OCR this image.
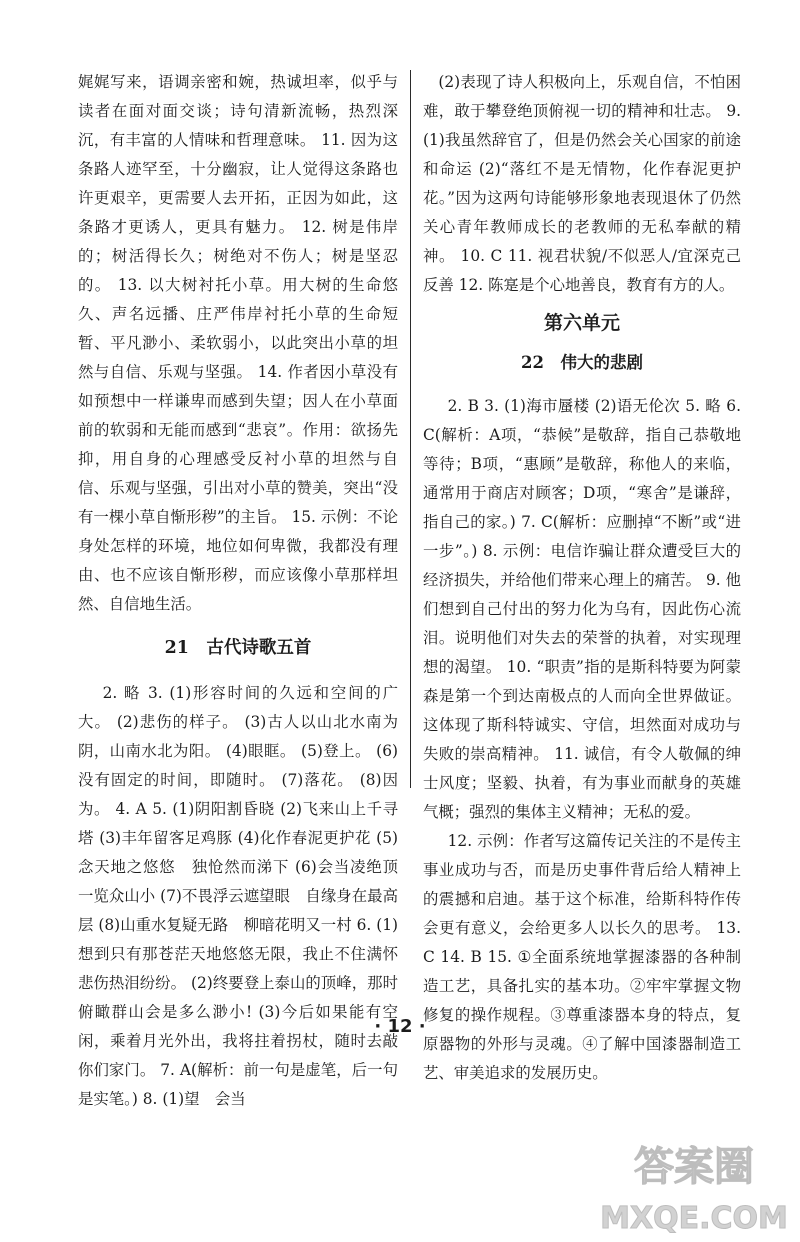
娓娓写来，语调亲密和婉，热诚坦率，似乎与读者在面对面交谈；诗句清新流畅，热烈深沉，有丰富的人情味和哲理意味。 11. 因为这条路人迹罕至，十分幽寂，让人觉得这条路也许更艰辛，更需要人去开拓，正因为如此，这条路才更诱人，更具有魅力。 12. 树是伟岸的；树活得长久；树绝对不伤人；树是坚忍的。 13. 以大树衬托小草。用大树的生命悠久、声名远播、庄严伟岸衬托小草的生命短暂、平凡渺小、柔软弱小，以此突出小草的坦然与自信、乐观与坚强。 14. 作者因小草没有如预想中一样谦卑而感到失望；因人在小草面前的软弱和无能而感到“悲哀”。作用：欲扬先抑，用自身的心理感受反衬小草的坦然与自信、乐观与坚强，引出对小草的赞美，突出“没有一棵小草自惭形秽”的主旨。 15. 示例：不论身处怎样的环境，地位如何卑微，我都没有理由、也不应该自惭形秽，而应该像小草那样坦然、自信地生活。

21　古代诗歌五首

2. 略 3. (1)形容时间的久远和空间的广大。 (2)悲伤的样子。 (3)古人以山北水南为阴，山南水北为阳。 (4)眼眶。 (5)登上。 (6)没有固定的时间，即随时。 (7)落花。 (8)因为。 4. A 5. (1)阴阳割昏晓 (2)飞来山上千寻塔 (3)丰年留客足鸡豚 (4)化作春泥更护花 (5)念天地之悠悠　独怆然而涕下 (6)会当凌绝顶　一览众山小 (7)不畏浮云遮望眼　自缘身在最高层 (8)山重水复疑无路　柳暗花明又一村 6. (1)想到只有那苍茫天地悠悠无限，我止不住满怀悲伤热泪纷纷。 (2)终要登上泰山的顶峰，那时俯瞰群山会是多么渺小! (3)今后如果能有空闲，乘着月光外出，我将拄着拐杖，随时去敲你们家门。 7. A(解析：前一句是虚笔，后一句是实笔。) 8. (1)望　会当

(2)表现了诗人积极向上，乐观自信，不怕困难，敢于攀登绝顶俯视一切的精神和壮志。 9. (1)我虽然辞官了，但是仍然会关心国家的前途和命运 (2)“落红不是无情物，化作春泥更护花。”因为这两句诗能够形象地表现退休了仍然关心青年教师成长的老教师的无私奉献的精神。 10. C 11. 视君状貌/不似恶人/宜深克己反善 12. 陈寔是个心地善良，教育有方的人。

第六单元
22　伟大的悲剧

2. B 3. (1)海市蜃楼 (2)语无伦次 5. 略 6. C(解析：A项，“恭候”是敬辞，指自己恭敬地等待；B项，“惠顾”是敬辞，称他人的来临，通常用于商店对顾客；D项，“寒舍”是谦辞，指自己的家。) 7. C(解析：应删掉“不断”或“进一步”。) 8. 示例：电信诈骗让群众遭受巨大的经济损失，并给他们带来心理上的痛苦。 9. 他们想到自己付出的努力化为乌有，因此伤心流泪。说明他们对失去的荣誉的执着，对实现理想的渴望。 10. “职责”指的是斯科特要为阿蒙森是第一个到达南极点的人而向全世界做证。这体现了斯科特诚实、守信，坦然面对成功与失败的崇高精神。 11. 诚信，有令人敬佩的绅士风度；坚毅、执着，有为事业而献身的英雄气概；强烈的集体主义精神；无私的爱。

12. 示例：作者写这篇传记关注的不是传主事业成功与否，而是历史事件背后给人精神上的震撼和启迪。基于这个标准，给斯科特作传会更有意义，会给更多人以长久的思考。 13. C 14. B 15. ①全面系统地掌握漆器的各种制造工艺，具备扎实的基本功。②牢牢掌握文物修复的操作规程。③尊重漆器本身的特点，复原器物的外形与灵魂。④了解中国漆器制造工艺、审美追求的发展历史。

· 12 ·
答案圈
MXQE.COM
